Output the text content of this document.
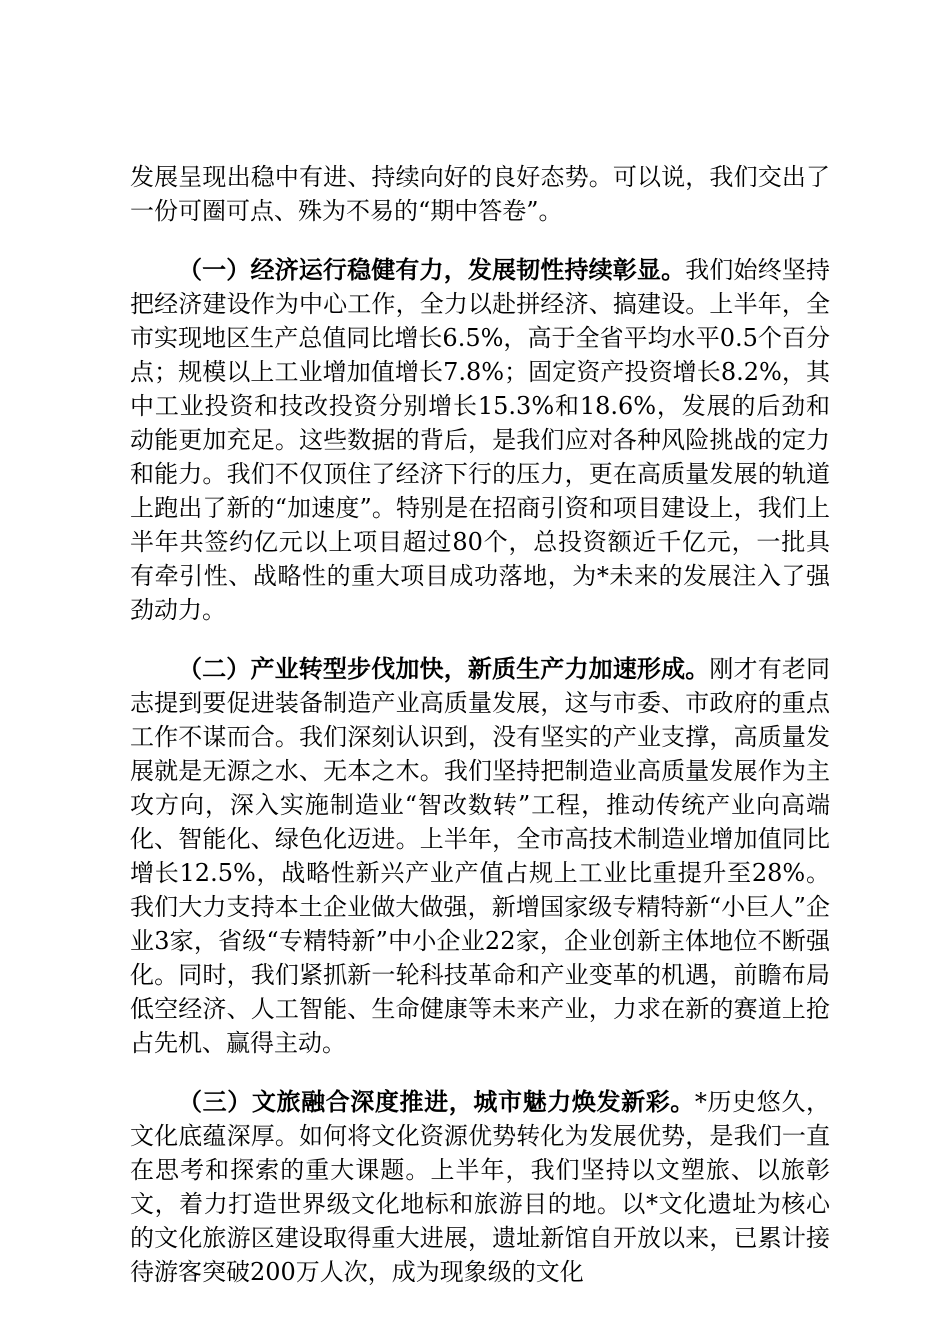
发展呈现出稳中有进、持续向好的良好态势。可以说，我们交出了一份可圈可点、殊为不易的“期中答卷”。

（一）经济运行稳健有力，发展韧性持续彰显。我们始终坚持把经济建设作为中心工作，全力以赴拼经济、搞建设。上半年，全市实现地区生产总值同比增长6.5%，高于全省平均水平0.5个百分点；规模以上工业增加值增长7.8%；固定资产投资增长8.2%，其中工业投资和技改投资分别增长15.3%和18.6%，发展的后劲和动能更加充足。这些数据的背后，是我们应对各种风险挑战的定力和能力。我们不仅顶住了经济下行的压力，更在高质量发展的轨道上跑出了新的“加速度”。特别是在招商引资和项目建设上，我们上半年共签约亿元以上项目超过80个，总投资额近千亿元，一批具有牵引性、战略性的重大项目成功落地，为*未来的发展注入了强劲动力。

（二）产业转型步伐加快，新质生产力加速形成。刚才有老同志提到要促进装备制造产业高质量发展，这与市委、市政府的重点工作不谋而合。我们深刻认识到，没有坚实的产业支撑，高质量发展就是无源之水、无本之木。我们坚持把制造业高质量发展作为主攻方向，深入实施制造业“智改数转”工程，推动传统产业向高端化、智能化、绿色化迈进。上半年，全市高技术制造业增加值同比增长12.5%，战略性新兴产业产值占规上工业比重提升至28%。我们大力支持本土企业做大做强，新增国家级专精特新“小巨人”企业3家，省级“专精特新”中小企业22家，企业创新主体地位不断强化。同时，我们紧抓新一轮科技革命和产业变革的机遇，前瞻布局低空经济、人工智能、生命健康等未来产业，力求在新的赛道上抢占先机、赢得主动。

（三）文旅融合深度推进，城市魅力焕发新彩。*历史悠久，文化底蕴深厚。如何将文化资源优势转化为发展优势，是我们一直在思考和探索的重大课题。上半年，我们坚持以文塑旅、以旅彰文，着力打造世界级文化地标和旅游目的地。以*文化遗址为核心的文化旅游区建设取得重大进展，遗址新馆自开放以来，已累计接待游客突破200万人次，成为现象级的文化
